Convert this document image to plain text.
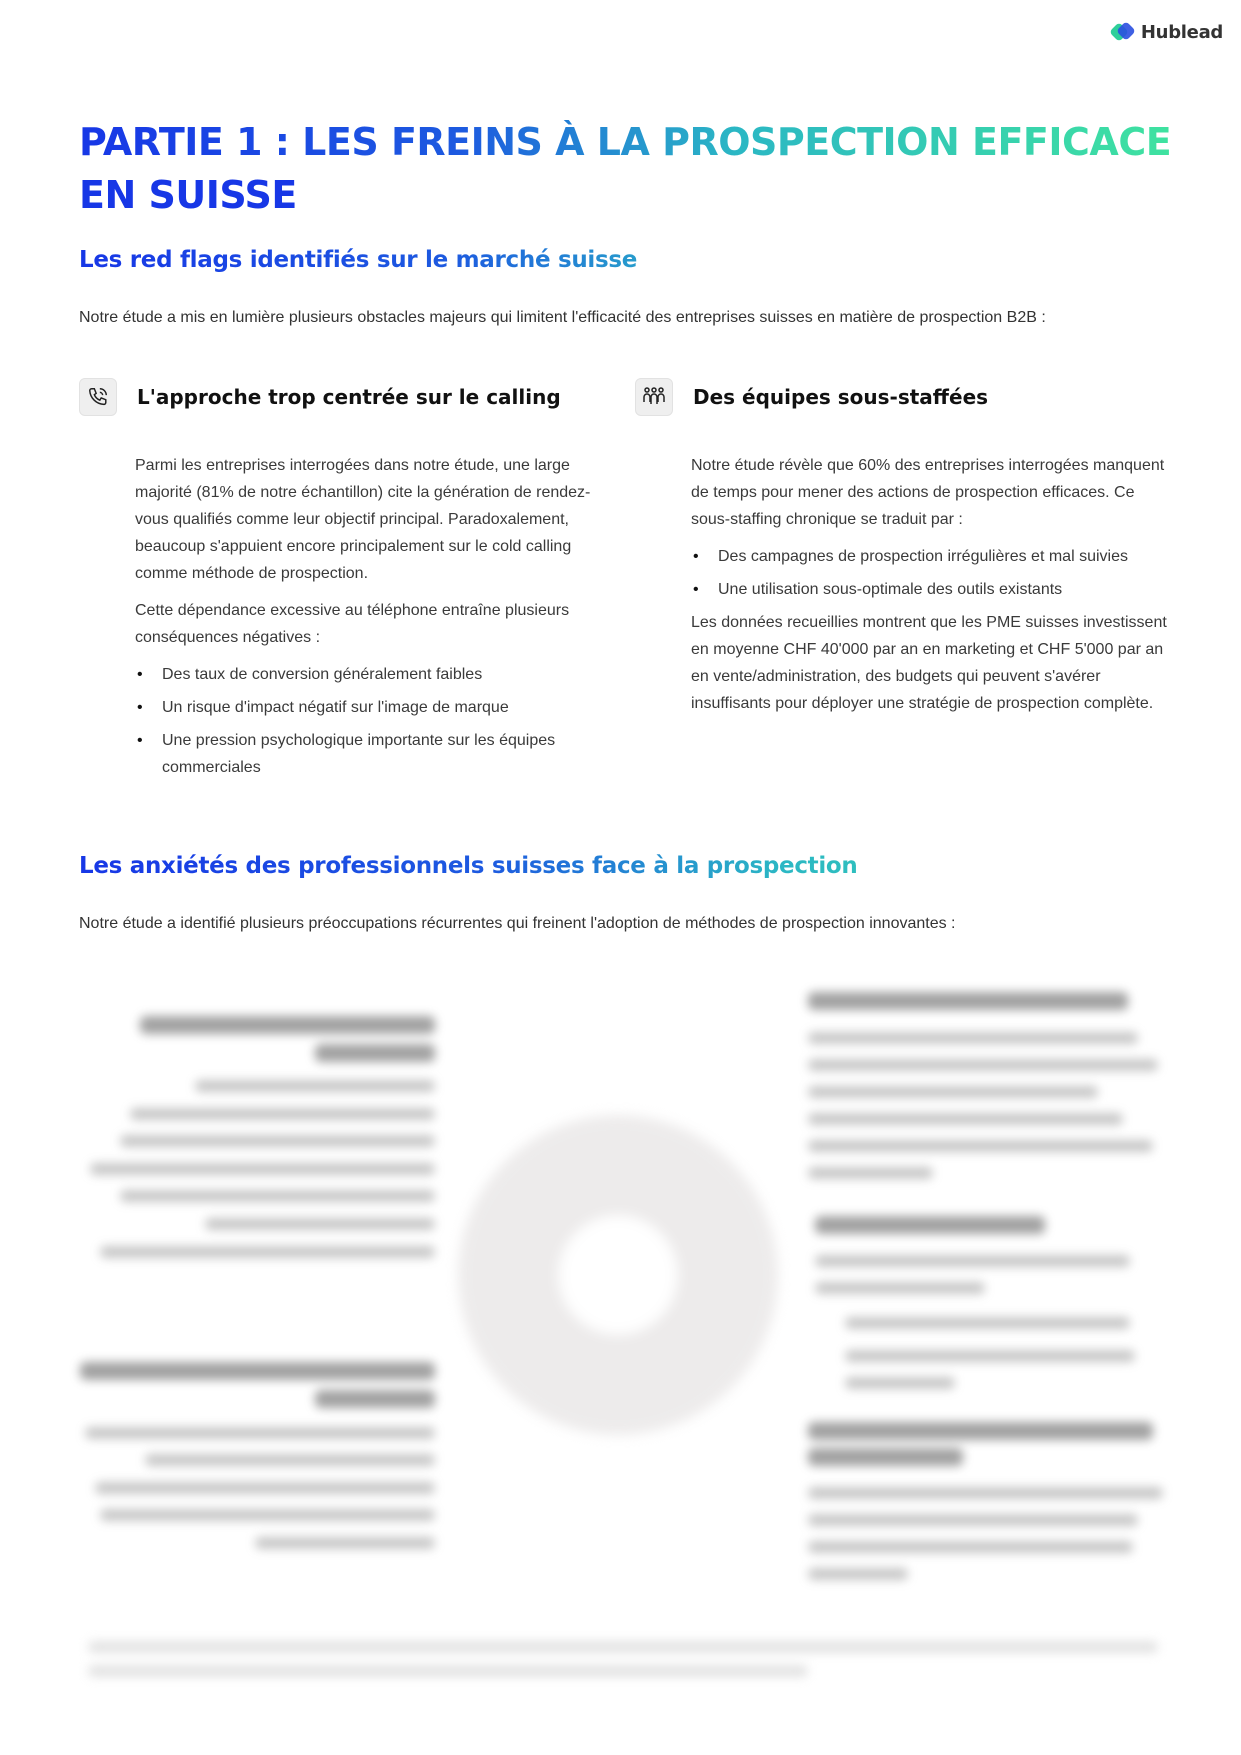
Hublead
PARTIE 1 : LES FREINS À LA PROSPECTION EFFICACE
EN SUISSE
Les red flags identifiés sur le marché suisse
Notre étude a mis en lumière plusieurs obstacles majeurs qui limitent l'efficacité des entreprises suisses en matière de prospection B2B :
L'approche trop centrée sur le calling

Parmi les entreprises interrogées dans notre étude, une large majorité (81% de notre échantillon) cite la génération de rendez-vous qualifiés comme leur objectif principal. Paradoxalement, beaucoup s'appuient encore principalement sur le cold calling comme méthode de prospection.

Cette dépendance excessive au téléphone entraîne plusieurs conséquences négatives :

• Des taux de conversion généralement faibles
• Un risque d'impact négatif sur l'image de marque
• Une pression psychologique importante sur les équipes commerciales
Des équipes sous-staffées

Notre étude révèle que 60% des entreprises interrogées manquent de temps pour mener des actions de prospection efficaces. Ce sous-staffing chronique se traduit par :

• Des campagnes de prospection irrégulières et mal suivies
• Une utilisation sous-optimale des outils existants

Les données recueillies montrent que les PME suisses investissent en moyenne CHF 40'000 par an en marketing et CHF 5'000 par an en vente/administration, des budgets qui peuvent s'avérer insuffisants pour déployer une stratégie de prospection complète.

Les anxiétés des professionnels suisses face à la prospection
Notre étude a identifié plusieurs préoccupations récurrentes qui freinent l'adoption de méthodes de prospection innovantes :
